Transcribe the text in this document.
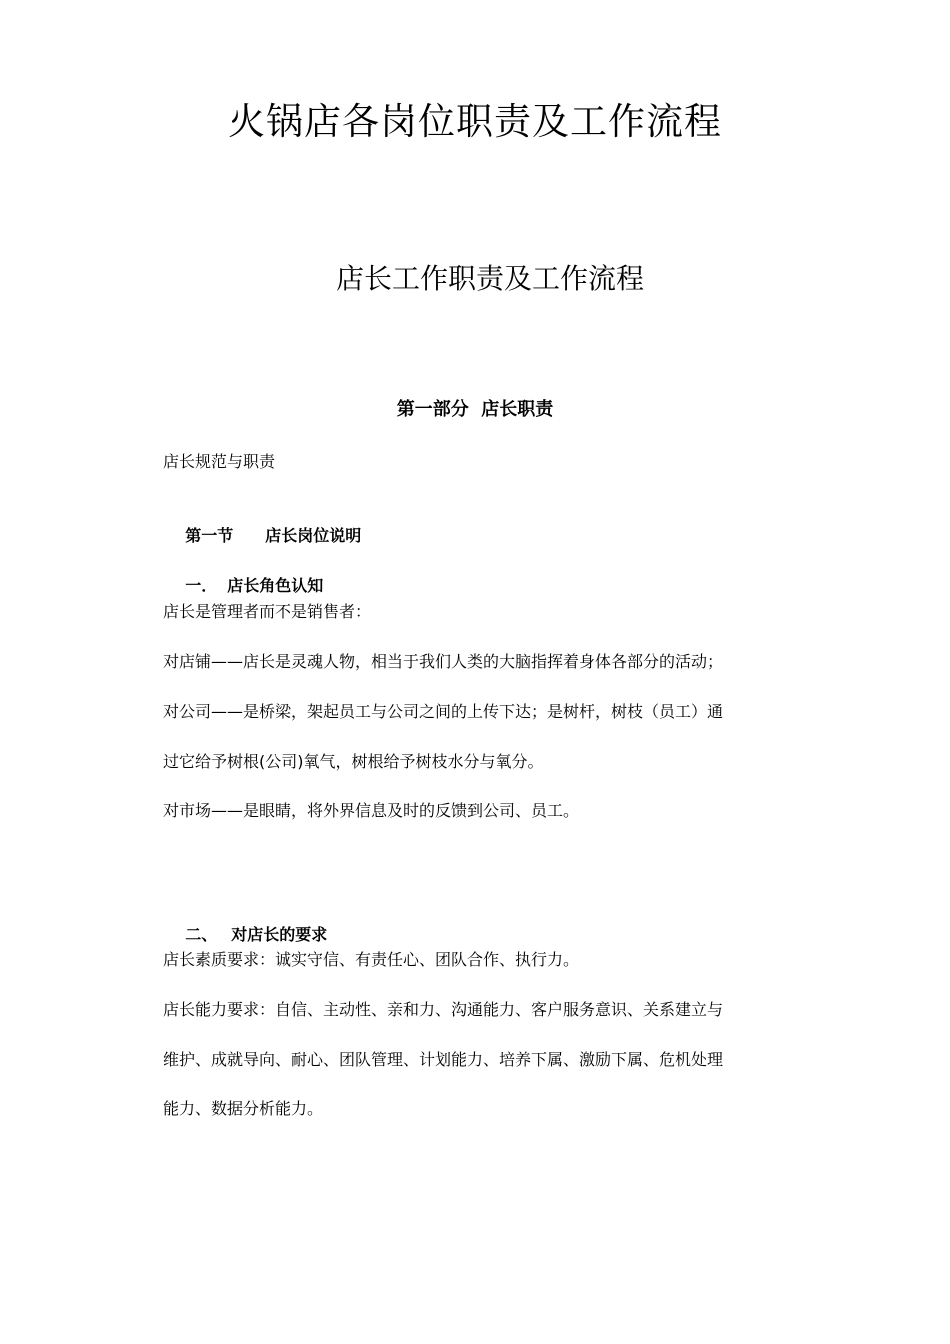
火锅店各岗位职责及工作流程
店长工作职责及工作流程
第一部分  店长职责
店长规范与职责

第一节 店长岗位说明

一． 店长角色认知

店长是管理者而不是销售者：
对店铺——店长是灵魂人物，相当于我们人类的大脑指挥着身体各部分的活动；
对公司——是桥梁，架起员工与公司之间的上传下达；是树杆，树枝（员工）通
过它给予树根(公司)氧气，树根给予树枝水分与氧分。
对市场——是眼睛，将外界信息及时的反馈到公司、员工。

二、 对店长的要求

店长素质要求：诚实守信、有责任心、团队合作、执行力。
店长能力要求：自信、主动性、亲和力、沟通能力、客户服务意识、关系建立与
维护、成就导向、耐心、团队管理、计划能力、培养下属、激励下属、危机处理
能力、数据分析能力。
